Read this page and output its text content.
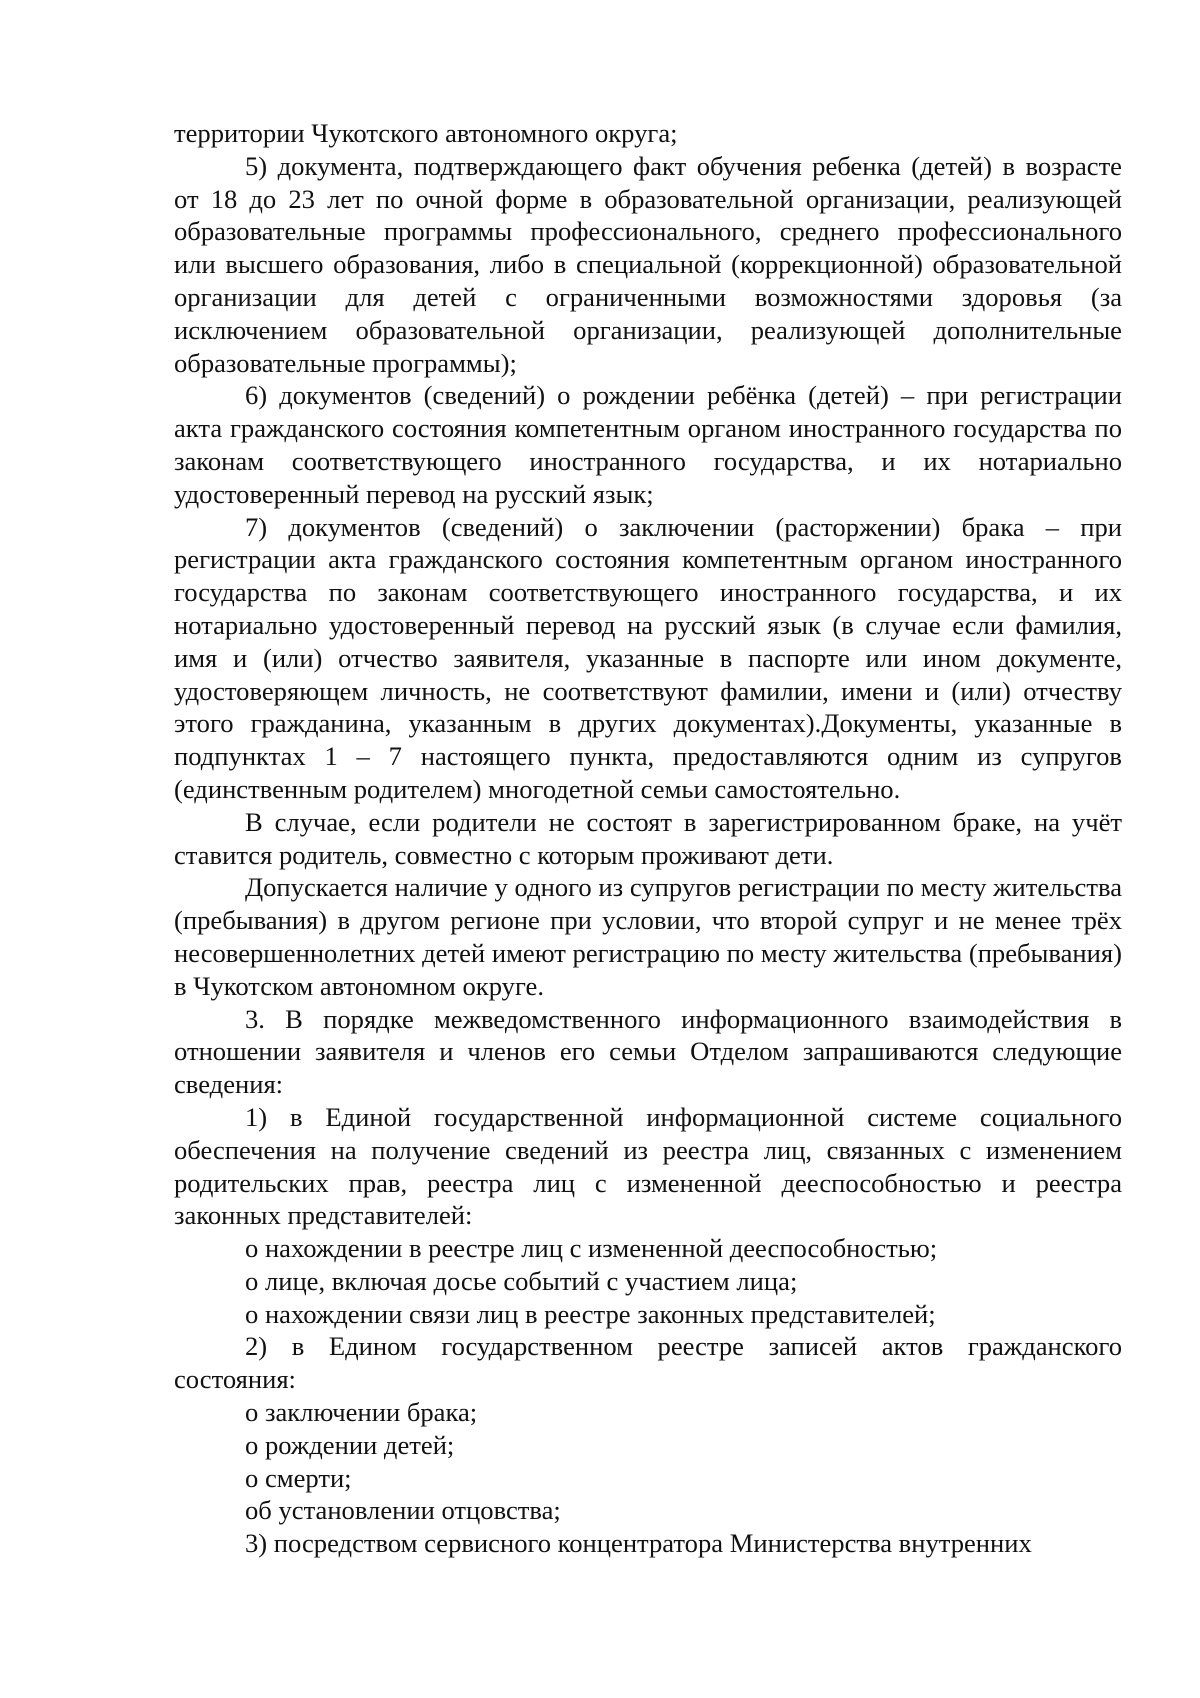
территории Чукотского автономного округа;

5) документа, подтверждающего факт обучения ребенка (детей) в возрасте от 18 до 23 лет по очной форме в образовательной организации, реализующей образовательные программы профессионального, среднего профессионального или высшего образования, либо в специальной (коррекционной) образовательной организации для детей с ограниченными возможностями здоровья (за исключением образовательной организации, реализующей дополнительные образовательные программы);

6) документов (сведений) о рождении ребёнка (детей) – при регистрации акта гражданского состояния компетентным органом иностранного государства по законам соответствующего иностранного государства, и их нотариально удостоверенный перевод на русский язык;

7) документов (сведений) о заключении (расторжении) брака – при регистрации акта гражданского состояния компетентным органом иностранного государства по законам соответствующего иностранного государства, и их нотариально удостоверенный перевод на русский язык (в случае если фамилия, имя и (или) отчество заявителя, указанные в паспорте или ином документе, удостоверяющем личность, не соответствуют фамилии, имени и (или) отчеству этого гражданина, указанным в других документах).Документы, указанные в подпунктах 1 – 7 настоящего пункта, предоставляются одним из супругов (единственным родителем) многодетной семьи самостоятельно.

В случае, если родители не состоят в зарегистрированном браке, на учёт ставится родитель, совместно с которым проживают дети.

Допускается наличие у одного из супругов регистрации по месту жительства (пребывания) в другом регионе при условии, что второй супруг и не менее трёх несовершеннолетних детей имеют регистрацию по месту жительства (пребывания) в Чукотском автономном округе.

3. В порядке межведомственного информационного взаимодействия в отношении заявителя и членов его семьи Отделом запрашиваются следующие сведения:

1) в Единой государственной информационной системе социального обеспечения на получение сведений из реестра лиц, связанных с изменением родительских прав, реестра лиц с измененной дееспособностью и реестра законных представителей:

о нахождении в реестре лиц с измененной дееспособностью;

о лице, включая досье событий с участием лица;

о нахождении связи лиц в реестре законных представителей;

2) в Едином государственном реестре записей актов гражданского состояния:

о заключении брака;

о рождении детей;

о смерти;

об установлении отцовства;

3) посредством сервисного концентратора Министерства внутренних
